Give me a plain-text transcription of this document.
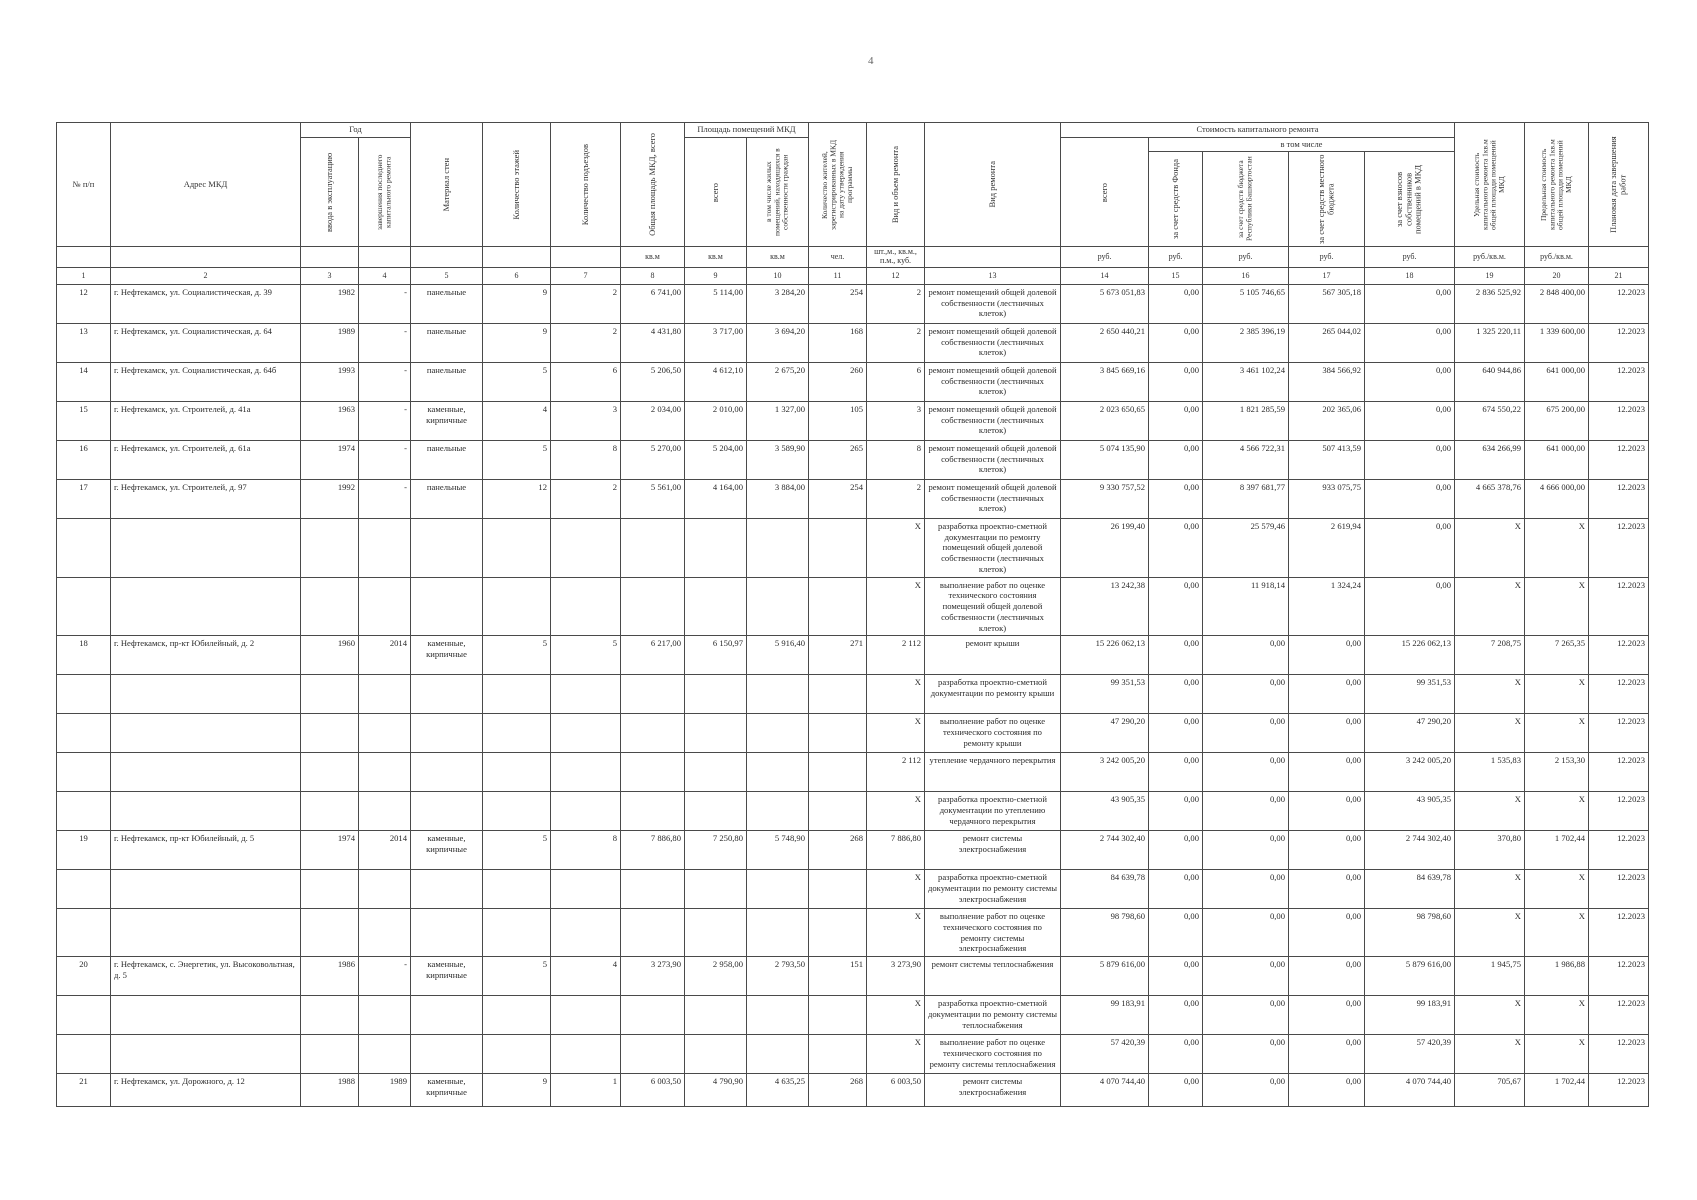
4
№ п/п	Адрес МКД	Год		Материал стен	Количество этажей	Количество подъездов	Общая площадь МКД, всего	Площадь помещений МКД		Количество жителей, зарегистрированных в МКД на дату утверждения программы	Вид и объем ремонта	Вид ремонта	Стоимость капитального ремонта					Удельная стоимость капитального ремонта 1кв.м общей площади помещений МКД	Предельная стоимость капитального ремонта 1кв.м общей площади помещений МКД	Плановая дата завершения работ

		ввода в эксплуатацию	завершения последнего капитального ремонта					всего	в том числе жилых помещений, находящихся в собственности граждан				всего	в том числе						

														за счет средств Фонда	за счет средств бюджета Республики Башкортостан	за счет средств местного бюджета	за счет взносов собственников помещений в МКД			

							кв.м	кв.м	кв.м	чел.	шт.,м., кв.м., п.м., куб.		руб.	руб.	руб.	руб.	руб.	руб./кв.м.	руб./кв.м.	
1	2	3	4	5	6	7	8	9	10	11	12	13	14	15	16	17	18	19	20	21
12	г. Нефтекамск, ул. Социалистическая, д. 39	1982	-	панельные	9	2	6 741,00	5 114,00	3 284,20	254	2	ремонт помещений общей долевой собственности (лестничных клеток)	5 673 051,83	0,00	5 105 746,65	567 305,18	0,00	2 836 525,92	2 848 400,00	12.2023
13	г. Нефтекамск, ул. Социалистическая, д. 64	1989	-	панельные	9	2	4 431,80	3 717,00	3 694,20	168	2	ремонт помещений общей долевой собственности (лестничных клеток)	2 650 440,21	0,00	2 385 396,19	265 044,02	0,00	1 325 220,11	1 339 600,00	12.2023
14	г. Нефтекамск, ул. Социалистическая, д. 64б	1993	-	панельные	5	6	5 206,50	4 612,10	2 675,20	260	6	ремонт помещений общей долевой собственности (лестничных клеток)	3 845 669,16	0,00	3 461 102,24	384 566,92	0,00	640 944,86	641 000,00	12.2023
15	г. Нефтекамск, ул. Строителей, д. 41а	1963	-	каменные, кирпичные	4	3	2 034,00	2 010,00	1 327,00	105	3	ремонт помещений общей долевой собственности (лестничных клеток)	2 023 650,65	0,00	1 821 285,59	202 365,06	0,00	674 550,22	675 200,00	12.2023
16	г. Нефтекамск, ул. Строителей, д. 61а	1974	-	панельные	5	8	5 270,00	5 204,00	3 589,90	265	8	ремонт помещений общей долевой собственности (лестничных клеток)	5 074 135,90	0,00	4 566 722,31	507 413,59	0,00	634 266,99	641 000,00	12.2023
17	г. Нефтекамск, ул. Строителей, д. 97	1992	-	панельные	12	2	5 561,00	4 164,00	3 884,00	254	2	ремонт помещений общей долевой собственности (лестничных клеток)	9 330 757,52	0,00	8 397 681,77	933 075,75	0,00	4 665 378,76	4 666 000,00	12.2023
											X	разработка проектно-сметной документации по ремонту помещений общей долевой собственности (лестничных клеток)	26 199,40	0,00	25 579,46	2 619,94	0,00	X	X	12.2023
											X	выполнение работ по оценке технического состояния помещений общей долевой собственности (лестничных клеток)	13 242,38	0,00	11 918,14	1 324,24	0,00	X	X	12.2023
18	г. Нефтекамск, пр-кт Юбилейный, д. 2	1960	2014	каменные, кирпичные	5	5	6 217,00	6 150,97	5 916,40	271	2 112	ремонт крыши	15 226 062,13	0,00	0,00	0,00	15 226 062,13	7 208,75	7 265,35	12.2023
											X	разработка проектно-сметной документации по ремонту крыши	99 351,53	0,00	0,00	0,00	99 351,53	X	X	12.2023
											X	выполнение работ по оценке технического состояния по ремонту крыши	47 290,20	0,00	0,00	0,00	47 290,20	X	X	12.2023
											2 112	утепление чердачного перекрытия	3 242 005,20	0,00	0,00	0,00	3 242 005,20	1 535,83	2 153,30	12.2023
											X	разработка проектно-сметной документации по утеплению чердачного перекрытия	43 905,35	0,00	0,00	0,00	43 905,35	X	X	12.2023
19	г. Нефтекамск, пр-кт Юбилейный, д. 5	1974	2014	каменные, кирпичные	5	8	7 886,80	7 250,80	5 748,90	268	7 886,80	ремонт системы электроснабжения	2 744 302,40	0,00	0,00	0,00	2 744 302,40	370,80	1 702,44	12.2023
											X	разработка проектно-сметной документации по ремонту системы электроснабжения	84 639,78	0,00	0,00	0,00	84 639,78	X	X	12.2023
											X	выполнение работ по оценке технического состояния по ремонту системы электроснабжения	98 798,60	0,00	0,00	0,00	98 798,60	X	X	12.2023
20	г. Нефтекамск, с. Энергетик, ул. Высоковольтная, д. 5	1986	-	каменные, кирпичные	5	4	3 273,90	2 958,00	2 793,50	151	3 273,90	ремонт системы теплоснабжения	5 879 616,00	0,00	0,00	0,00	5 879 616,00	1 945,75	1 986,88	12.2023
											X	разработка проектно-сметной документации по ремонту системы теплоснабжения	99 183,91	0,00	0,00	0,00	99 183,91	X	X	12.2023
											X	выполнение работ по оценке технического состояния по ремонту системы теплоснабжения	57 420,39	0,00	0,00	0,00	57 420,39	X	X	12.2023
21	г. Нефтекамск, ул. Дорожного, д. 12	1988	1989	каменные, кирпичные	9	1	6 003,50	4 790,90	4 635,25	268	6 003,50	ремонт системы электроснабжения	4 070 744,40	0,00	0,00	0,00	4 070 744,40	705,67	1 702,44	12.2023
